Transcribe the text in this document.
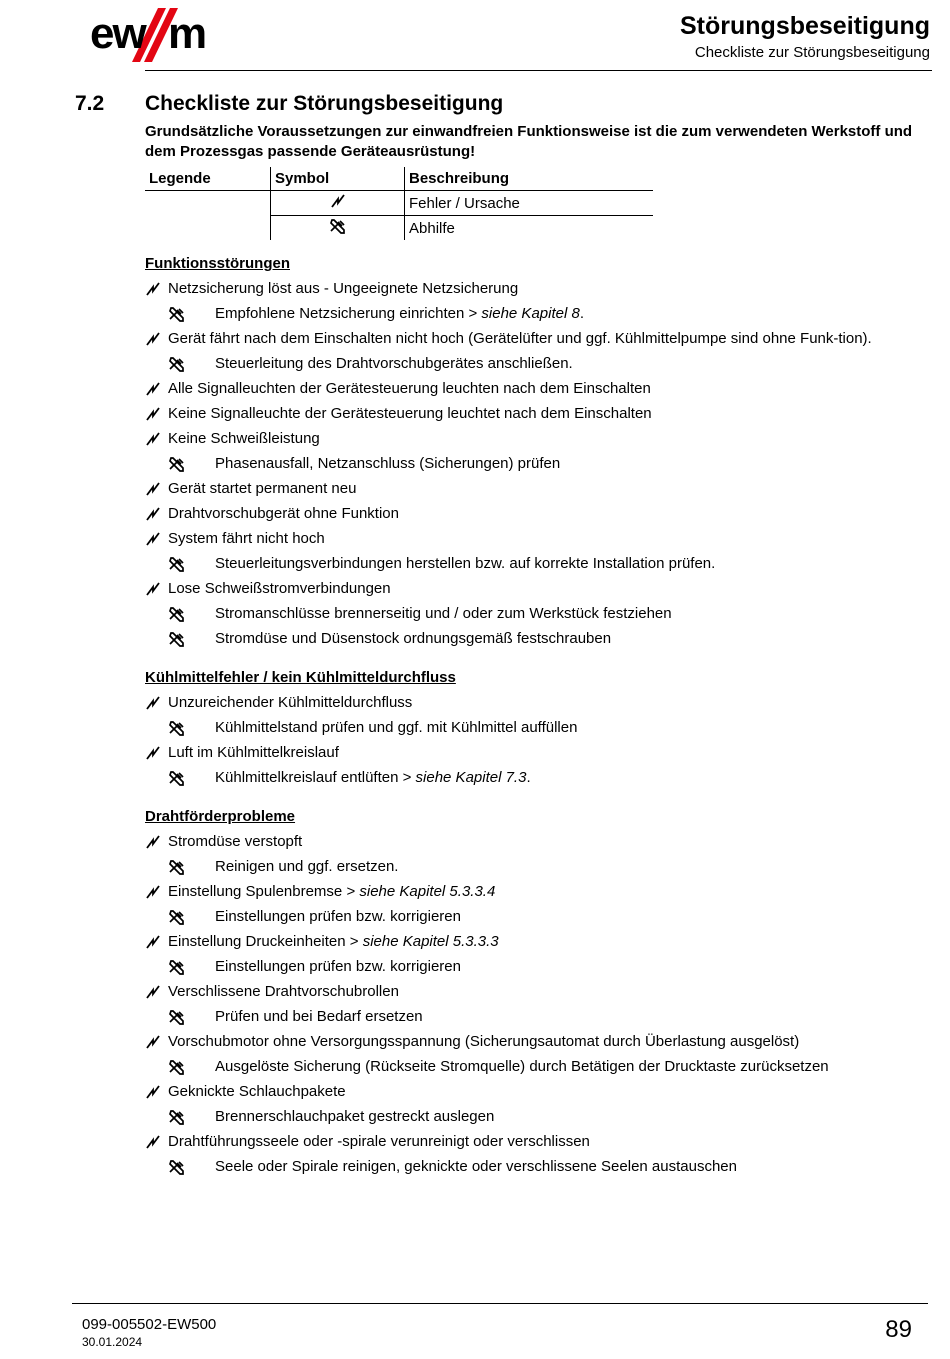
ew m	Störungsbeseitigung
Checkliste zur Störungsbeseitigung
7.2 Checkliste zur Störungsbeseitigung
Grundsätzliche Voraussetzungen zur einwandfreien Funktionsweise ist die zum verwendeten Werkstoff und dem Prozessgas passende Geräteausrüstung!
Legende	Symbol	Beschreibung
		Fehler / Ursache
		Abhilfe
Funktionsstörungen
Netzsicherung löst aus - Ungeeignete Netzsicherung
Empfohlene Netzsicherung einrichten > siehe Kapitel 8.
Gerät fährt nach dem Einschalten nicht hoch (Gerätelüfter und ggf. Kühlmittelpumpe sind ohne Funk-tion).
Steuerleitung des Drahtvorschubgerätes anschließen.
Alle Signalleuchten der Gerätesteuerung leuchten nach dem Einschalten
Keine Signalleuchte der Gerätesteuerung leuchtet nach dem Einschalten
Keine Schweißleistung
Phasenausfall, Netzanschluss (Sicherungen) prüfen
Gerät startet permanent neu
Drahtvorschubgerät ohne Funktion
System fährt nicht hoch
Steuerleitungsverbindungen herstellen bzw. auf korrekte Installation prüfen.
Lose Schweißstromverbindungen
Stromanschlüsse brennerseitig und / oder zum Werkstück festziehen
Stromdüse und Düsenstock ordnungsgemäß festschrauben
Kühlmittelfehler / kein Kühlmitteldurchfluss
Unzureichender Kühlmitteldurchfluss
Kühlmittelstand prüfen und ggf. mit Kühlmittel auffüllen
Luft im Kühlmittelkreislauf
Kühlmittelkreislauf entlüften > siehe Kapitel 7.3.
Drahtförderprobleme
Stromdüse verstopft
Reinigen und ggf. ersetzen.
Einstellung Spulenbremse > siehe Kapitel 5.3.3.4
Einstellungen prüfen bzw. korrigieren
Einstellung Druckeinheiten > siehe Kapitel 5.3.3.3
Einstellungen prüfen bzw. korrigieren
Verschlissene Drahtvorschubrollen
Prüfen und bei Bedarf ersetzen
Vorschubmotor ohne Versorgungsspannung (Sicherungsautomat durch Überlastung ausgelöst)
Ausgelöste Sicherung (Rückseite Stromquelle) durch Betätigen der Drucktaste zurücksetzen
Geknickte Schlauchpakete
Brennerschlauchpaket gestreckt auslegen
Drahtführungsseele oder -spirale verunreinigt oder verschlissen
Seele oder Spirale reinigen, geknickte oder verschlissene Seelen austauschen
099-005502-EW500
30.01.2024	89
